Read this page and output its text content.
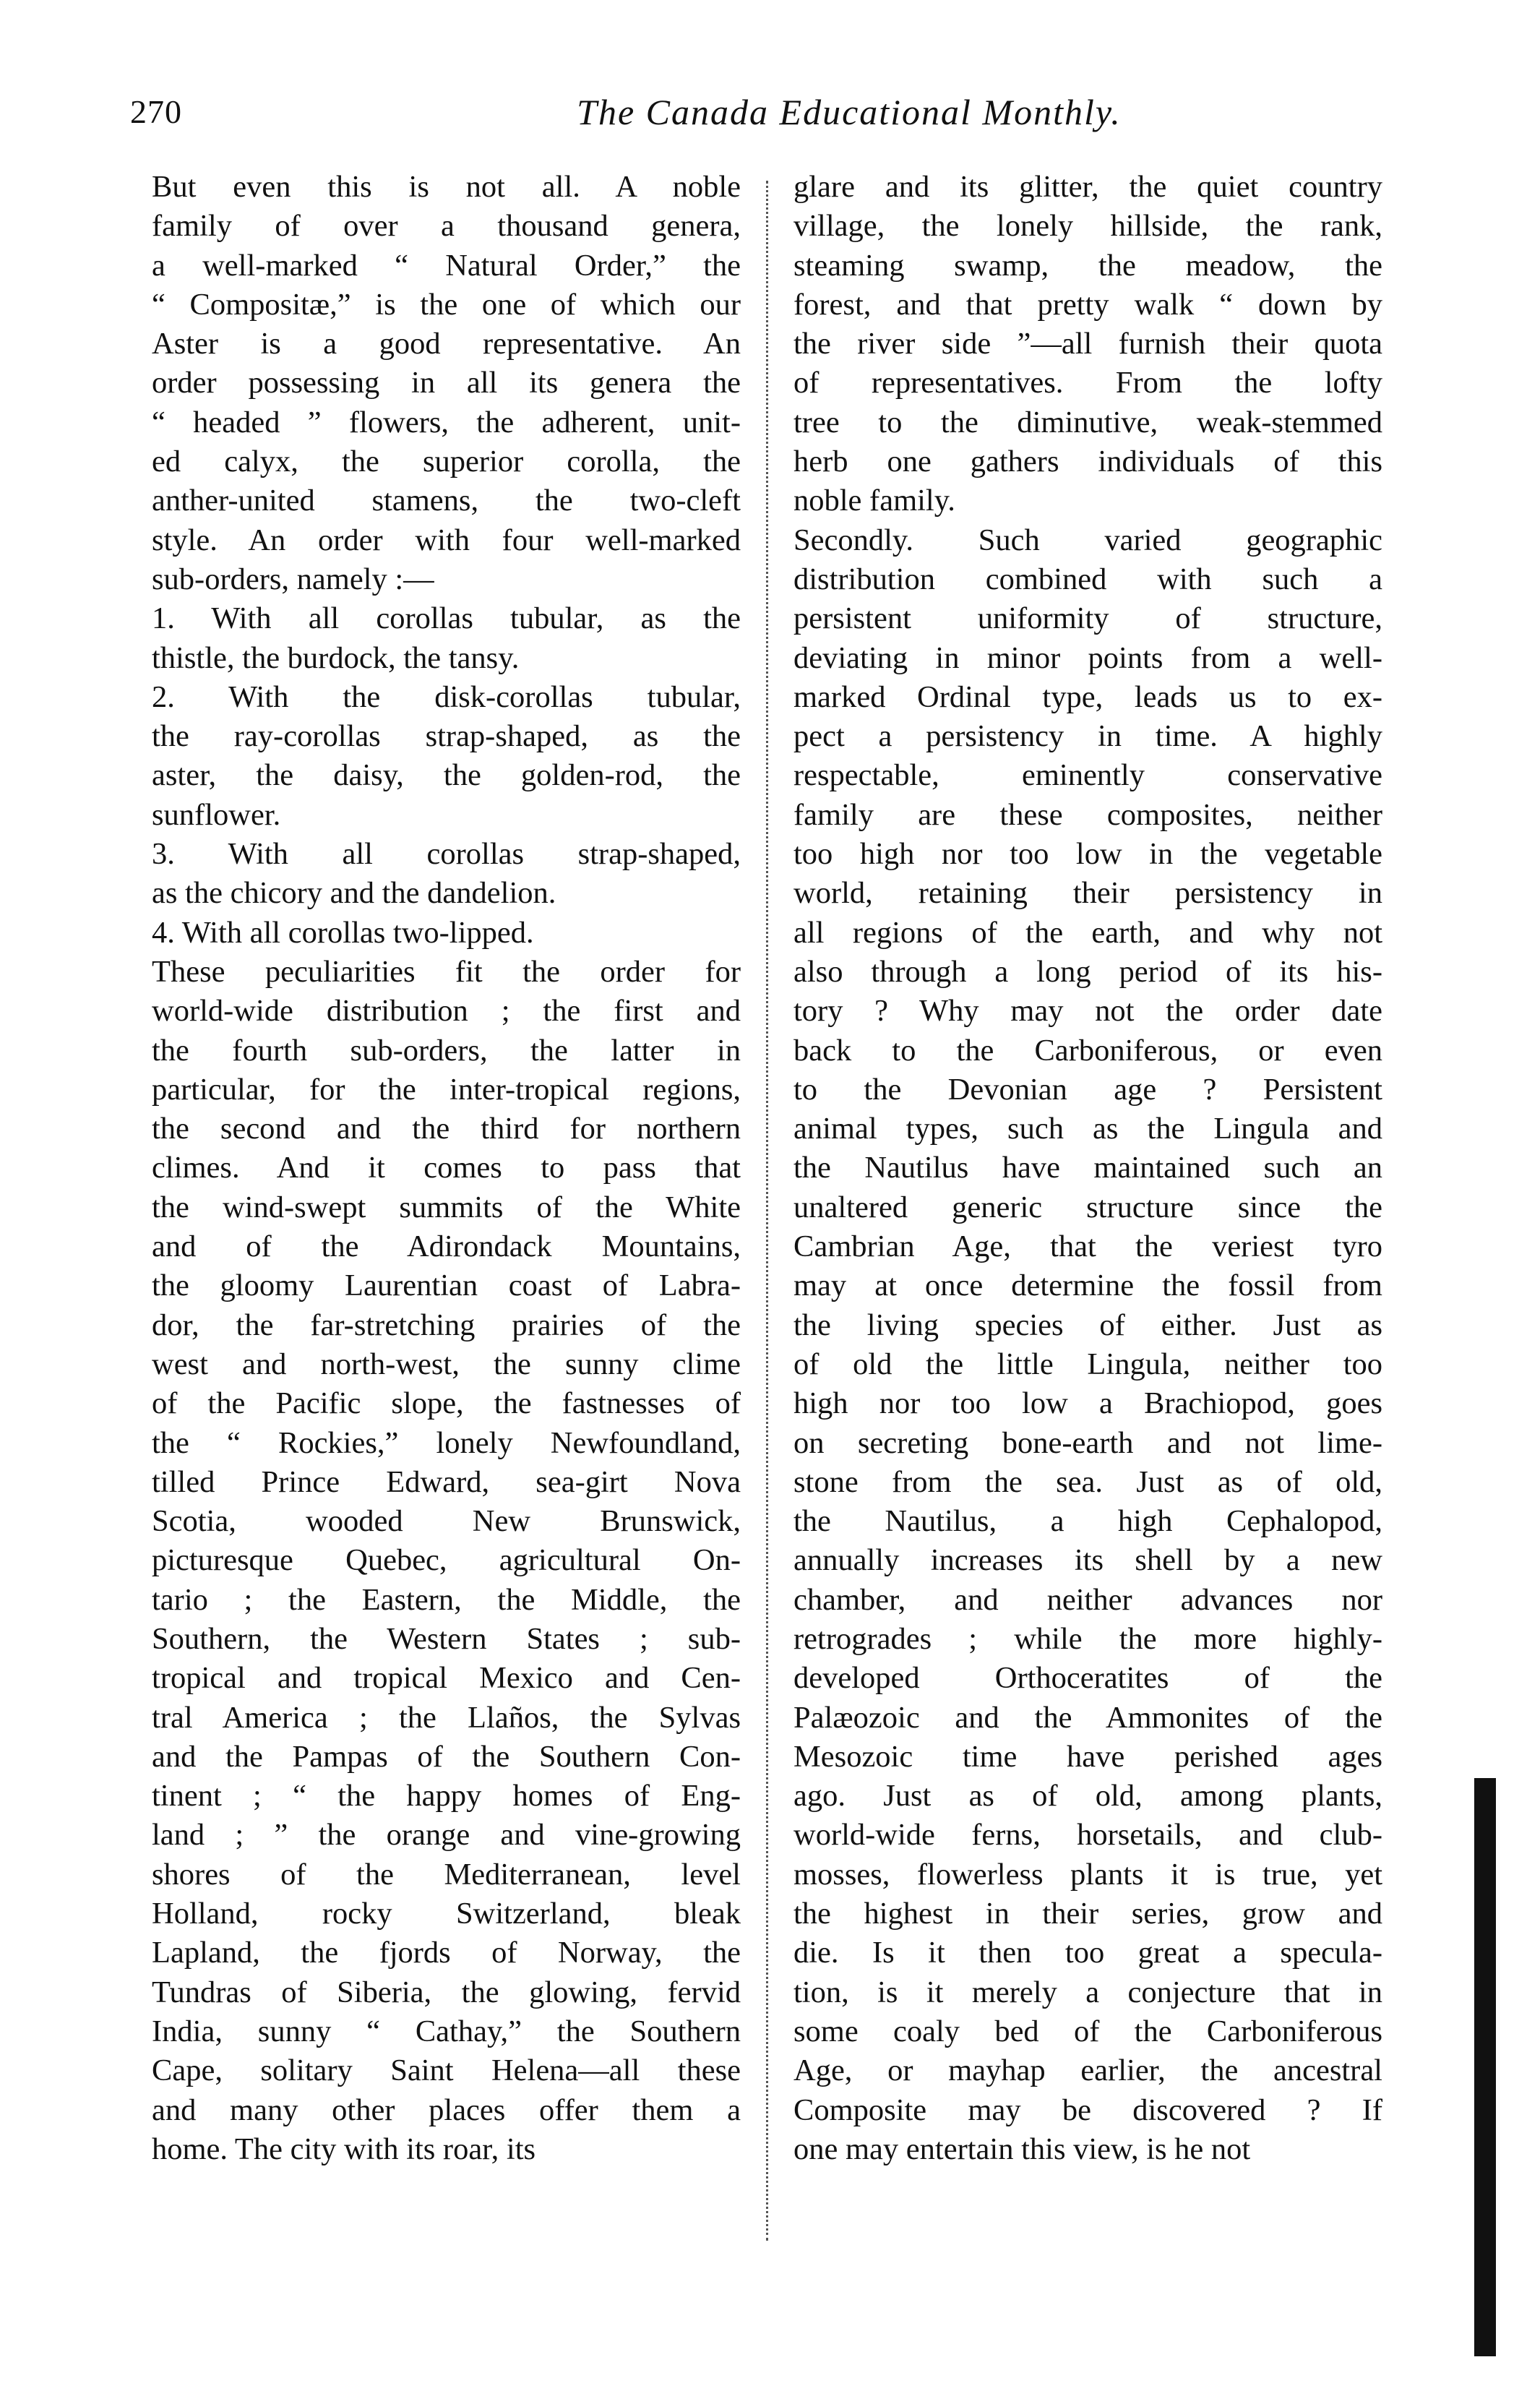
270	The Canada Educational Monthly.
But even this is not all. A noble
family of over a thousand genera,
a well-marked “ Natural Order,” the
“ Compositæ,” is the one of which our
Aster is a good representative. An
order possessing in all its genera the
“ headed ” flowers, the adherent, unit-
ed calyx, the superior corolla, the
anther-united stamens, the two-cleft
style. An order with four well-marked
sub-orders, namely :—
1. With all corollas tubular, as the
thistle, the burdock, the tansy.
2. With the disk-corollas tubular,
the ray-corollas strap-shaped, as the
aster, the daisy, the golden-rod, the
sunflower.
3. With all corollas strap-shaped,
as the chicory and the dandelion.
4. With all corollas two-lipped.
These peculiarities fit the order for
world-wide distribution ; the first and
the fourth sub-orders, the latter in
particular, for the inter-tropical regions,
the second and the third for northern
climes. And it comes to pass that
the wind-swept summits of the White
and of the Adirondack Mountains,
the gloomy Laurentian coast of Labra-
dor, the far-stretching prairies of the
west and north-west, the sunny clime
of the Pacific slope, the fastnesses of
the “ Rockies,” lonely Newfoundland,
tilled Prince Edward, sea-girt Nova
Scotia, wooded New Brunswick,
picturesque Quebec, agricultural On-
tario ; the Eastern, the Middle, the
Southern, the Western States ; sub-
tropical and tropical Mexico and Cen-
tral America ; the Llaños, the Sylvas
and the Pampas of the Southern Con-
tinent ; “ the happy homes of Eng-
land ; ” the orange and vine-growing
shores of the Mediterranean, level
Holland, rocky Switzerland, bleak
Lapland, the fjords of Norway, the
Tundras of Siberia, the glowing, fervid
India, sunny “ Cathay,” the Southern
Cape, solitary Saint Helena—all these
and many other places offer them a
home. The city with its roar, its
glare and its glitter, the quiet country
village, the lonely hillside, the rank,
steaming swamp, the meadow, the
forest, and that pretty walk “ down by
the river side ”—all furnish their quota
of representatives. From the lofty
tree to the diminutive, weak-stemmed
herb one gathers individuals of this
noble family.
Secondly. Such varied geographic
distribution combined with such a
persistent uniformity of structure,
deviating in minor points from a well-
marked Ordinal type, leads us to ex-
pect a persistency in time. A highly
respectable, eminently conservative
family are these composites, neither
too high nor too low in the vegetable
world, retaining their persistency in
all regions of the earth, and why not
also through a long period of its his-
tory ? Why may not the order date
back to the Carboniferous, or even
to the Devonian age ? Persistent
animal types, such as the Lingula and
the Nautilus have maintained such an
unaltered generic structure since the
Cambrian Age, that the veriest tyro
may at once determine the fossil from
the living species of either. Just as
of old the little Lingula, neither too
high nor too low a Brachiopod, goes
on secreting bone-earth and not lime-
stone from the sea. Just as of old,
the Nautilus, a high Cephalopod,
annually increases its shell by a new
chamber, and neither advances nor
retrogrades ; while the more highly-
developed Orthoceratites of the
Palæozoic and the Ammonites of the
Mesozoic time have perished ages
ago. Just as of old, among plants,
world-wide ferns, horsetails, and club-
mosses, flowerless plants it is true, yet
the highest in their series, grow and
die. Is it then too great a specula-
tion, is it merely a conjecture that in
some coaly bed of the Carboniferous
Age, or mayhap earlier, the ancestral
Composite may be discovered ? If
one may entertain this view, is he not
